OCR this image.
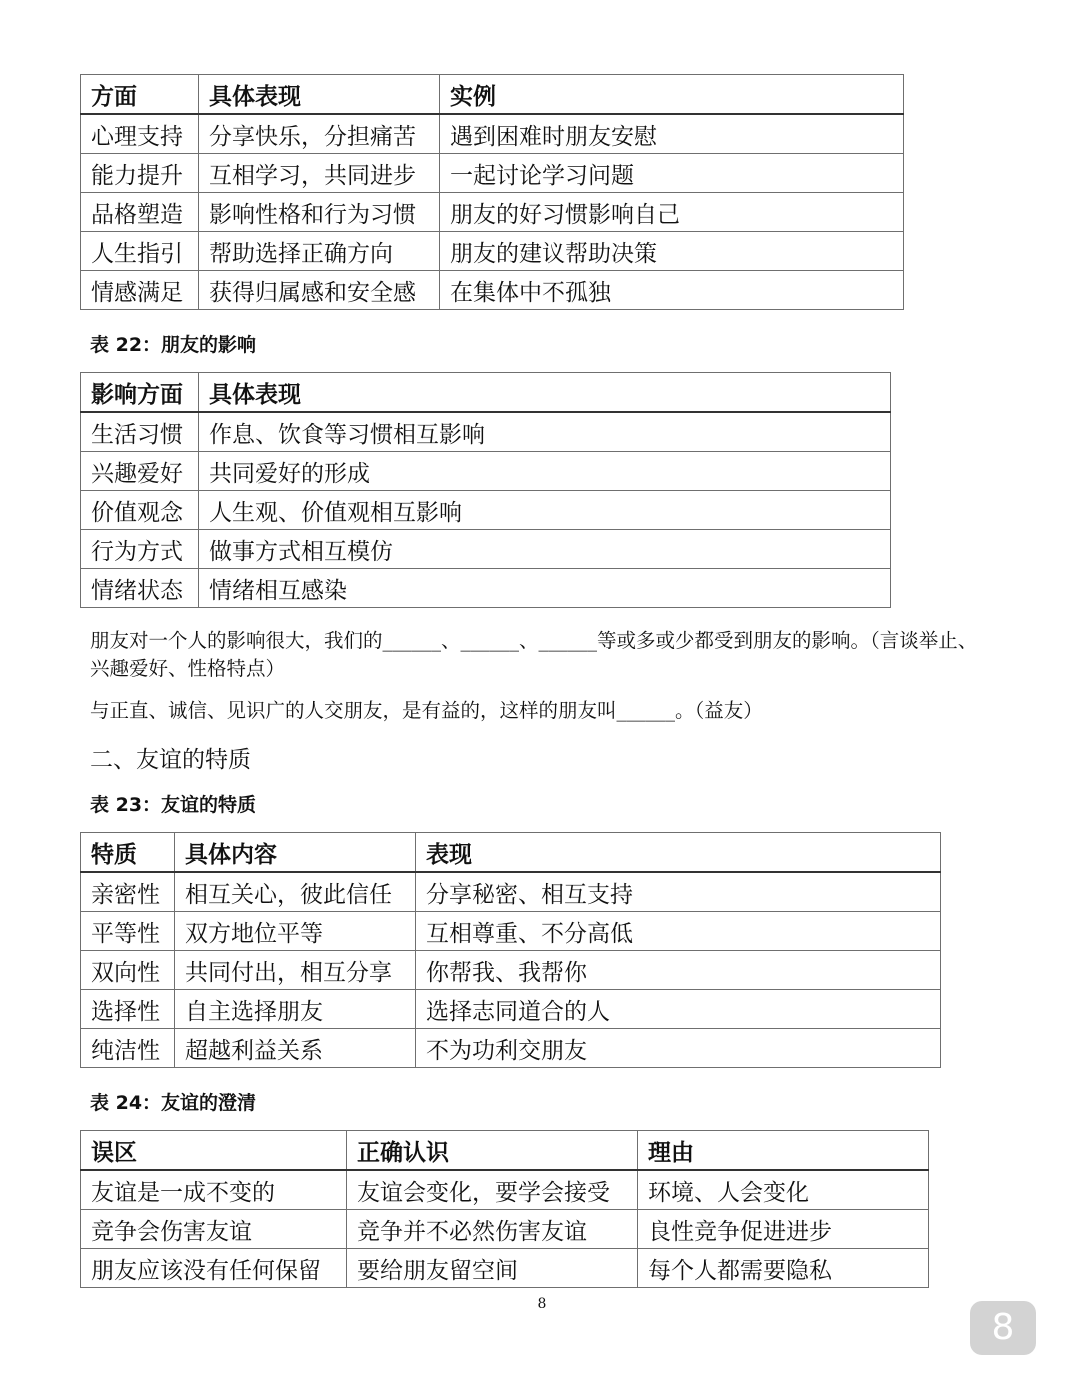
方面	具体表现	实例
心理支持	分享快乐，分担痛苦	遇到困难时朋友安慰
能力提升	互相学习，共同进步	一起讨论学习问题
品格塑造	影响性格和行为习惯	朋友的好习惯影响自己
人生指引	帮助选择正确方向	朋友的建议帮助决策
情感满足	获得归属感和安全感	在集体中不孤独
表 22：朋友的影响
影响方面	具体表现
生活习惯	作息、饮食等习惯相互影响
兴趣爱好	共同爱好的形成
价值观念	人生观、价值观相互影响
行为方式	做事方式相互模仿
情绪状态	情绪相互感染
朋友对一个人的影响很大，我们的______、______、______等或多或少都受到朋友的影响。（言谈举止、兴趣爱好、性格特点）
与正直、诚信、见识广的人交朋友，是有益的，这样的朋友叫______。（益友）
二、友谊的特质
表 23：友谊的特质
特质	具体内容	表现
亲密性	相互关心，彼此信任	分享秘密、相互支持
平等性	双方地位平等	互相尊重、不分高低
双向性	共同付出，相互分享	你帮我、我帮你
选择性	自主选择朋友	选择志同道合的人
纯洁性	超越利益关系	不为功利交朋友
表 24：友谊的澄清
误区	正确认识	理由
友谊是一成不变的	友谊会变化，要学会接受	环境、人会变化
竞争会伤害友谊	竞争并不必然伤害友谊	良性竞争促进进步
朋友应该没有任何保留	要给朋友留空间	每个人都需要隐私
8
8
